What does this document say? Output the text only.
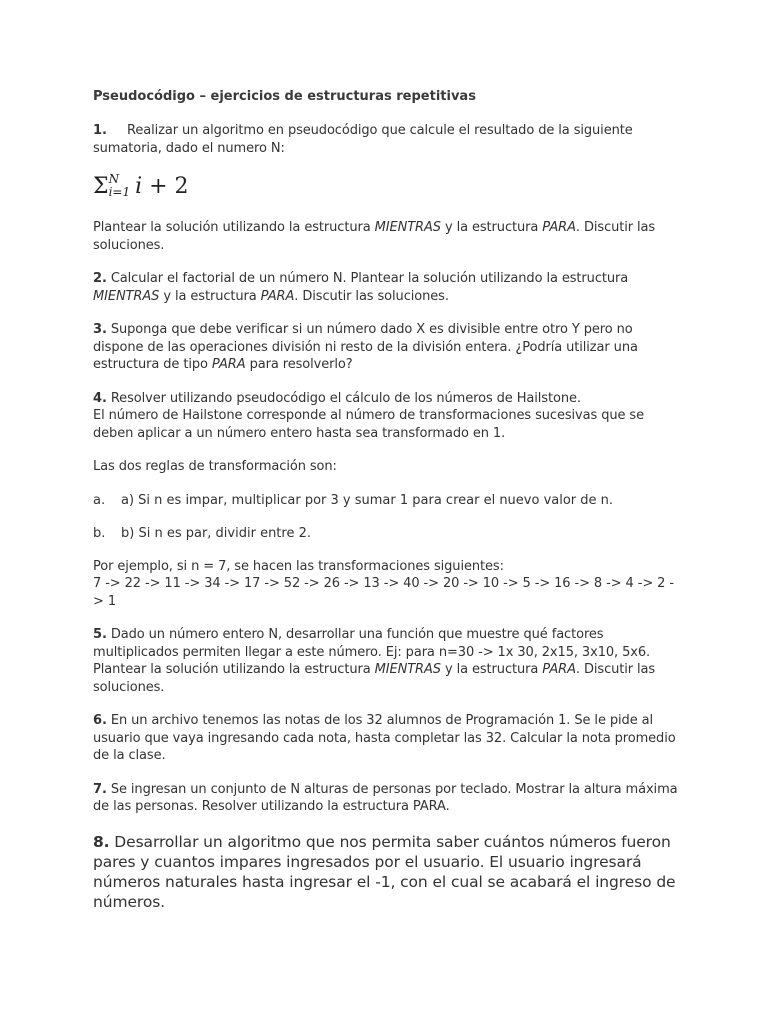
Pseudocódigo – ejercicios de estructuras repetitivas

1. Realizar un algoritmo en pseudocódigo que calcule el resultado de la siguiente sumatoria, dado el numero N:

Σ N
i=1 i + 2

Plantear la solución utilizando la estructura MIENTRAS y la estructura PARA. Discutir las soluciones.

2. Calcular el factorial de un número N. Plantear la solución utilizando la estructura MIENTRAS y la estructura PARA. Discutir las soluciones.

3. Suponga que debe verificar si un número dado X es divisible entre otro Y pero no dispone de las operaciones división ni resto de la división entera. ¿Podría utilizar una estructura de tipo PARA para resolverlo?

4. Resolver utilizando pseudocódigo el cálculo de los números de Hailstone.
El número de Hailstone corresponde al número de transformaciones sucesivas que se deben aplicar a un número entero hasta sea transformado en 1.

Las dos reglas de transformación son:

a. a) Si n es impar, multiplicar por 3 y sumar 1 para crear el nuevo valor de n.
b. b) Si n es par, dividir entre 2.

Por ejemplo, si n = 7, se hacen las transformaciones siguientes:
7 -> 22 -> 11 -> 34 -> 17 -> 52 -> 26 -> 13 -> 40 -> 20 -> 10 -> 5 -> 16 -> 8 -> 4 -> 2 -> 1

5. Dado un número entero N, desarrollar una función que muestre qué factores multiplicados permiten llegar a este número. Ej: para n=30 -> 1x 30, 2x15, 3x10, 5x6. Plantear la solución utilizando la estructura MIENTRAS y la estructura PARA. Discutir las soluciones.

6. En un archivo tenemos las notas de los 32 alumnos de Programación 1. Se le pide al usuario que vaya ingresando cada nota, hasta completar las 32. Calcular la nota promedio de la clase.

7. Se ingresan un conjunto de N alturas de personas por teclado. Mostrar la altura máxima de las personas. Resolver utilizando la estructura PARA.

8. Desarrollar un algoritmo que nos permita saber cuántos números fueron pares y cuantos impares ingresados por el usuario. El usuario ingresará números naturales hasta ingresar el -1, con el cual se acabará el ingreso de números.
